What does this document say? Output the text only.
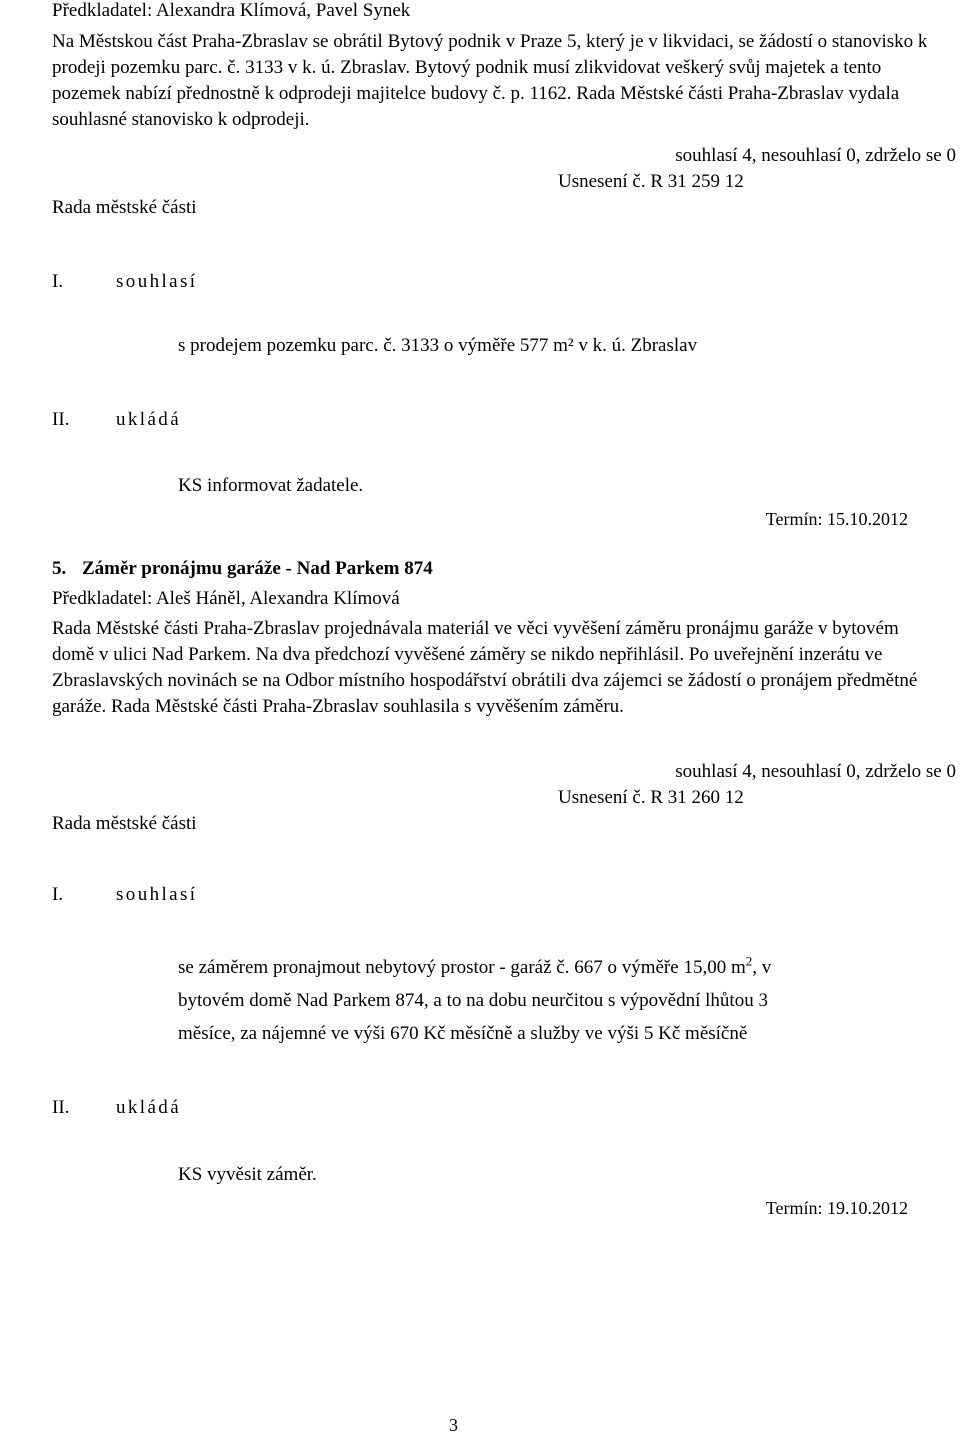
Předkladatel: Alexandra Klímová, Pavel Synek
Na Městskou část Praha-Zbraslav se obrátil Bytový podnik v Praze 5, který je v likvidaci, se žádostí o stanovisko k prodeji pozemku parc. č. 3133 v k. ú. Zbraslav. Bytový podnik musí zlikvidovat veškerý svůj majetek a tento pozemek nabízí přednostně k odprodeji majitelce budovy č. p. 1162. Rada Městské části Praha-Zbraslav vydala souhlasné stanovisko k odprodeji.
souhlasí 4, nesouhlasí 0, zdrželo se 0
Usnesení č. R 31 259 12
Rada městské části
I.	souhlasí
s prodejem pozemku parc. č. 3133 o výměře 577 m² v k. ú. Zbraslav
II. ukládá
KS informovat žadatele.
Termín: 15.10.2012
5. Záměr pronájmu garáže - Nad Parkem 874
Předkladatel: Aleš Háněl, Alexandra Klímová
Rada Městské části Praha-Zbraslav projednávala materiál ve věci vyvěšení záměru pronájmu garáže v bytovém domě v ulici Nad Parkem. Na dva předchozí vyvěšené záměry se nikdo nepřihlásil. Po uveřejnění inzerátu ve Zbraslavských novinách se na Odbor místního hospodářství obrátili dva zájemci se žádostí o pronájem předmětné garáže. Rada Městské části Praha-Zbraslav souhlasila s vyvěšením záměru.
souhlasí 4, nesouhlasí 0, zdrželo se 0
Usnesení č. R 31 260 12
Rada městské části
I.	souhlasí
se záměrem pronajmout nebytový prostor - garáž č. 667 o výměře 15,00 $m^2$, v
bytovém domě Nad Parkem 874, a to na dobu neurčitou s výpovědní lhůtou 3
měsíce, za nájemné ve výši 670 Kč měsíčně a služby ve výši 5 Kč měsíčně
II. ukládá
KS vyvěsit záměr.
Termín: 19.10.2012
3
